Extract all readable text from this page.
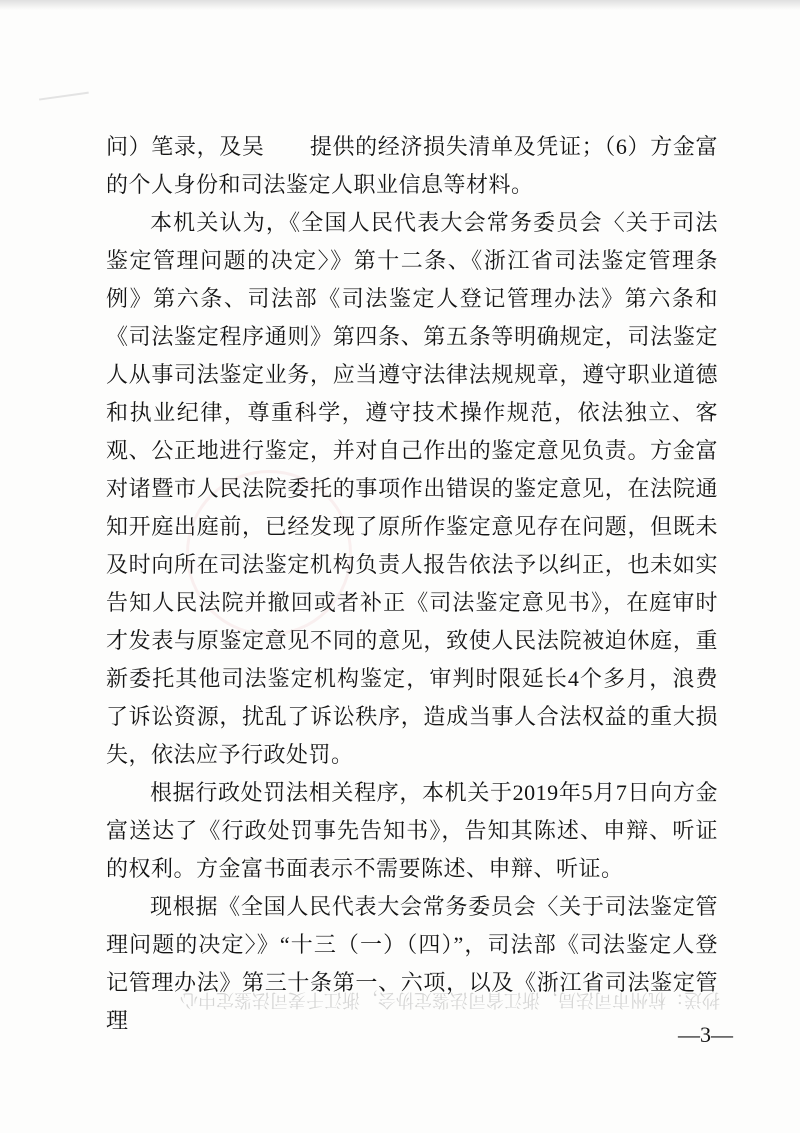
问）笔录，及吴　　提供的经济损失清单及凭证；（6）方金富的个人身份和司法鉴定人职业信息等材料。

本机关认为，《全国人民代表大会常务委员会〈关于司法鉴定管理问题的决定〉》第十二条、《浙江省司法鉴定管理条例》第六条、司法部《司法鉴定人登记管理办法》第六条和《司法鉴定程序通则》第四条、第五条等明确规定，司法鉴定人从事司法鉴定业务，应当遵守法律法规规章，遵守职业道德和执业纪律，尊重科学，遵守技术操作规范，依法独立、客观、公正地进行鉴定，并对自己作出的鉴定意见负责。方金富对诸暨市人民法院委托的事项作出错误的鉴定意见，在法院通知开庭出庭前，已经发现了原所作鉴定意见存在问题，但既未及时向所在司法鉴定机构负责人报告依法予以纠正，也未如实告知人民法院并撤回或者补正《司法鉴定意见书》，在庭审时才发表与原鉴定意见不同的意见，致使人民法院被迫休庭，重新委托其他司法鉴定机构鉴定，审判时限延长4个多月，浪费了诉讼资源，扰乱了诉讼秩序，造成当事人合法权益的重大损失，依法应予行政处罚。

根据行政处罚法相关程序，本机关于2019年5月7日向方金富送达了《行政处罚事先告知书》，告知其陈述、申辩、听证的权利。方金富书面表示不需要陈述、申辩、听证。

现根据《全国人民代表大会常务委员会〈关于司法鉴定管理问题的决定〉》“十三（一）（四）”，司法部《司法鉴定人登记管理办法》第三十条第一、六项，以及《浙江省司法鉴定管理

抄送：杭州市司法局，浙江省司法鉴定协会，浙江千麦司法鉴定中心
—3—
